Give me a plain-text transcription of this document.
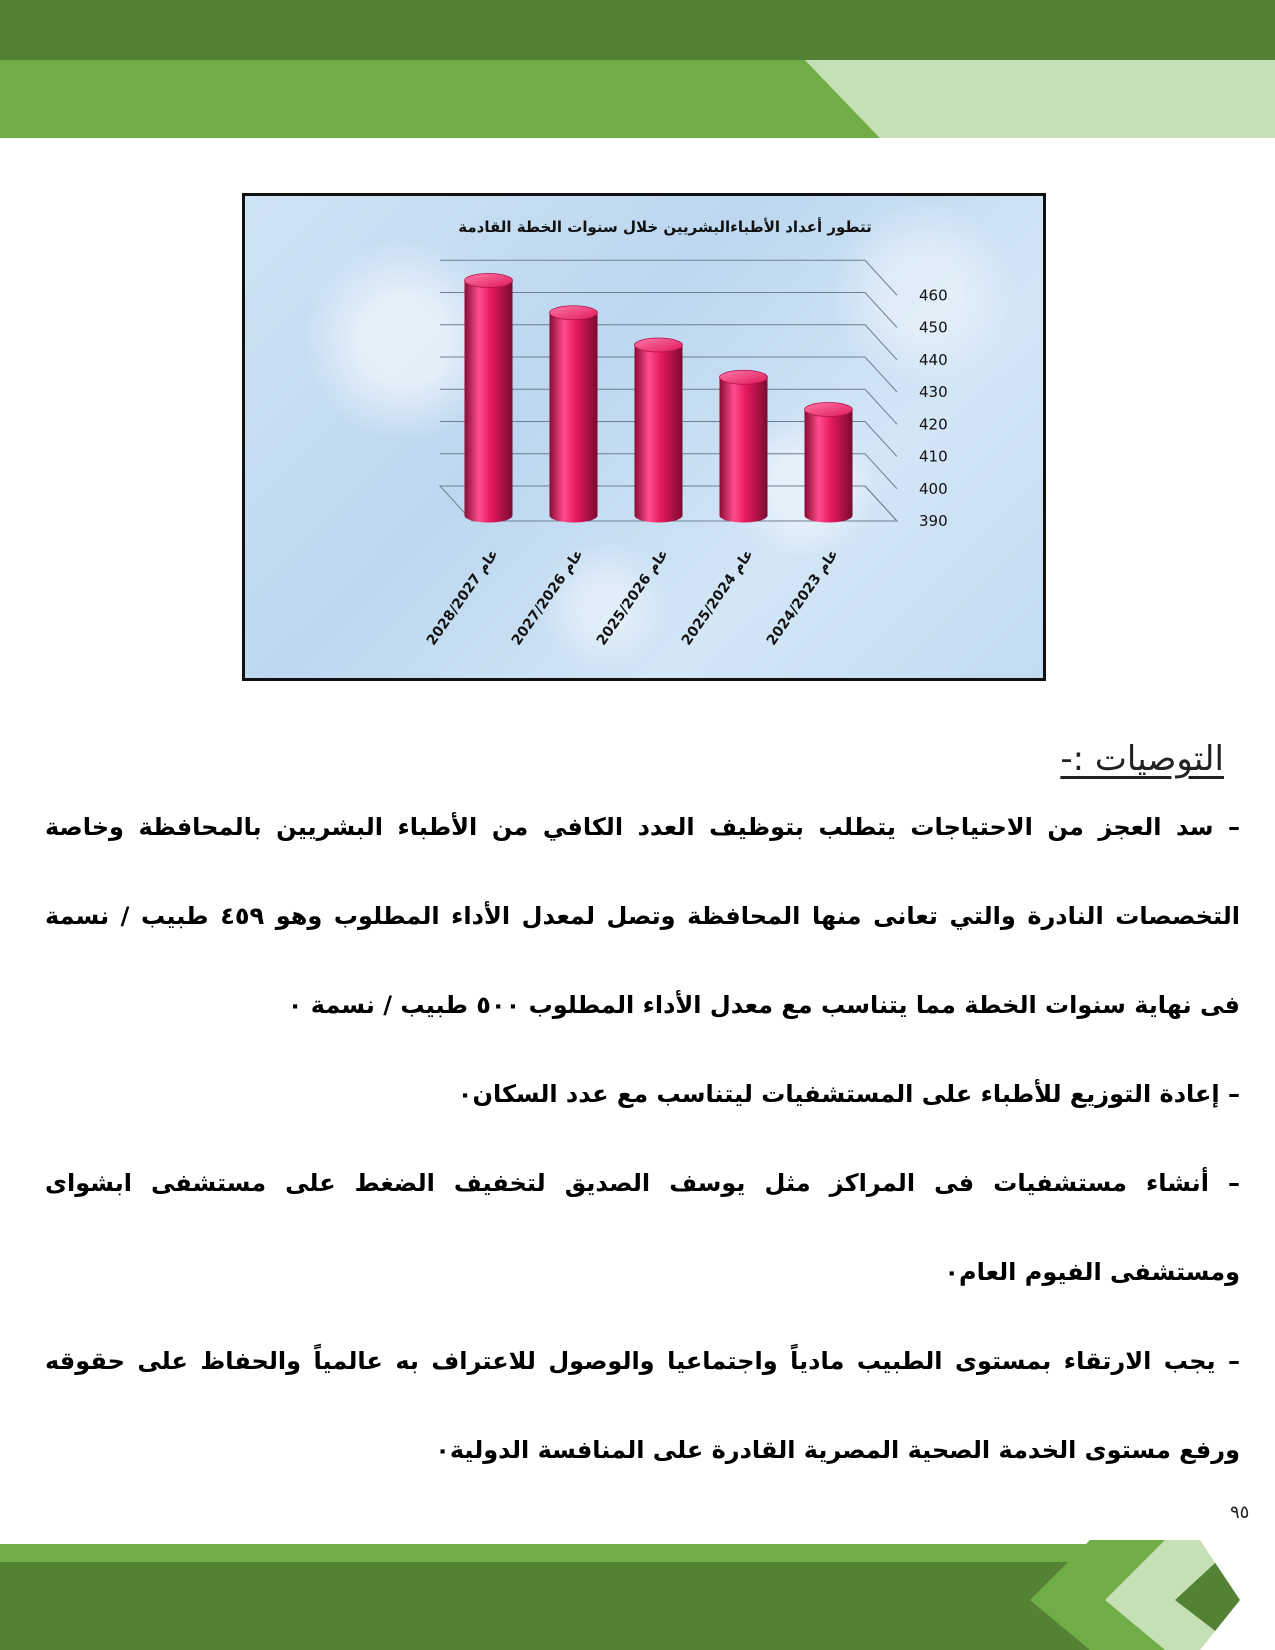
تتطور أعداد الأطباءالبشريين خلال سنوات الخطة القادمة
460
450
440
430
420
410
400
390
عام 2028/2027
عام 2027/2026
عام 2025/2026
عام 2025/2024
عام 2024/2023

التوصيات :-

– سد العجز من الاحتياجات يتطلب بتوظيف العدد الكافي من الأطباء البشريين بالمحافظة وخاصة التخصصات النادرة والتي تعانى منها المحافظة وتصل لمعدل الأداء المطلوب وهو ٤٥٩ طبيب / نسمة فى نهاية سنوات الخطة مما يتناسب مع معدل الأداء المطلوب ٥٠٠ طبيب / نسمة ٠

– إعادة التوزيع للأطباء على المستشفيات ليتناسب مع عدد السكان٠

– أنشاء مستشفيات فى المراكز مثل يوسف الصديق لتخفيف الضغط على مستشفى ابشواى ومستشفى الفيوم العام٠

– يجب الارتقاء بمستوى الطبيب مادياً واجتماعيا والوصول للاعتراف به عالمياً والحفاظ على حقوقه ورفع مستوى الخدمة الصحية المصرية القادرة على المنافسة الدولية٠

٩٥
